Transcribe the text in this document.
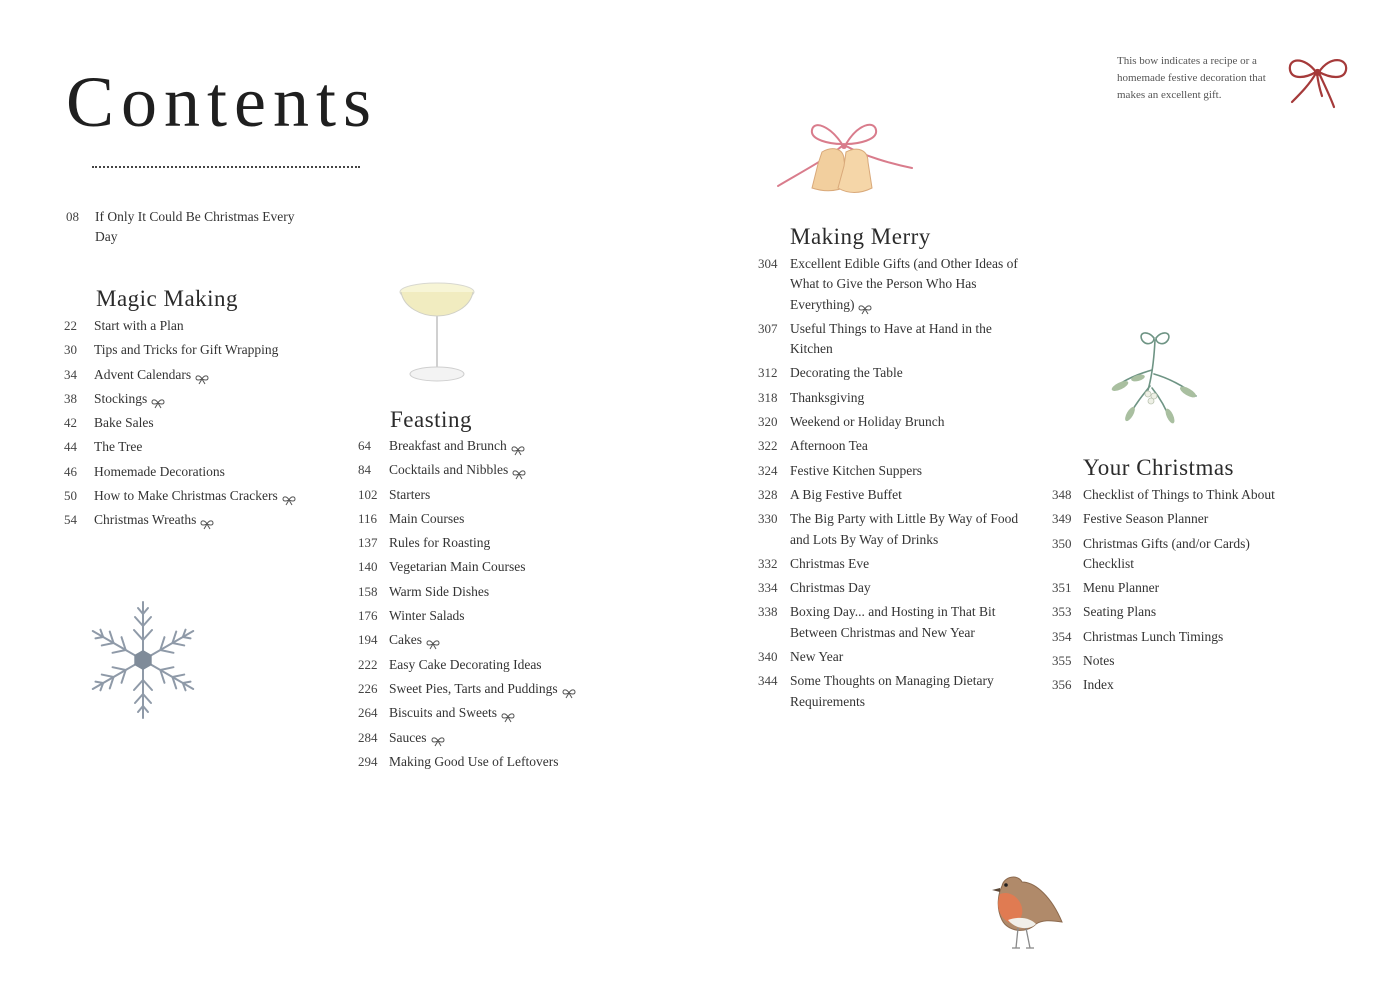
Contents
This bow indicates a recipe or a homemade festive decoration that makes an excellent gift.
08	If Only It Could Be Christmas Every Day
Magic Making
Feasting
Making Merry
Your Christmas
22	Start with a Plan
30	Tips and Tricks for Gift Wrapping
34	Advent Calendars
38	Stockings
42	Bake Sales
44	The Tree
46	Homemade Decorations
50	How to Make Christmas Crackers
54	Christmas Wreaths
64	Breakfast and Brunch
84	Cocktails and Nibbles
102 Starters
116 Main Courses
137 Rules for Roasting
140 Vegetarian Main Courses
158 Warm Side Dishes
176 Winter Salads
194 Cakes
222 Easy Cake Decorating Ideas
226 Sweet Pies, Tarts and Puddings
264 Biscuits and Sweets
284 Sauces
294 Making Good Use of Leftovers
304 Excellent Edible Gifts (and Other Ideas of What to Give the Person Who Has Everything)
307 Useful Things to Have at Hand in the Kitchen
312 Decorating the Table
318 Thanksgiving
320 Weekend or Holiday Brunch
322 Afternoon Tea
324 Festive Kitchen Suppers
328 A Big Festive Buffet
330 The Big Party with Little By Way of Food and Lots By Way of Drinks
332 Christmas Eve
334 Christmas Day
338 Boxing Day... and Hosting in That Bit Between Christmas and New Year
340 New Year
344 Some Thoughts on Managing Dietary Requirements
348 Checklist of Things to Think About
349 Festive Season Planner
350 Christmas Gifts (and/or Cards) Checklist
351 Menu Planner
353 Seating Plans
354 Christmas Lunch Timings
355 Notes
356 Index
